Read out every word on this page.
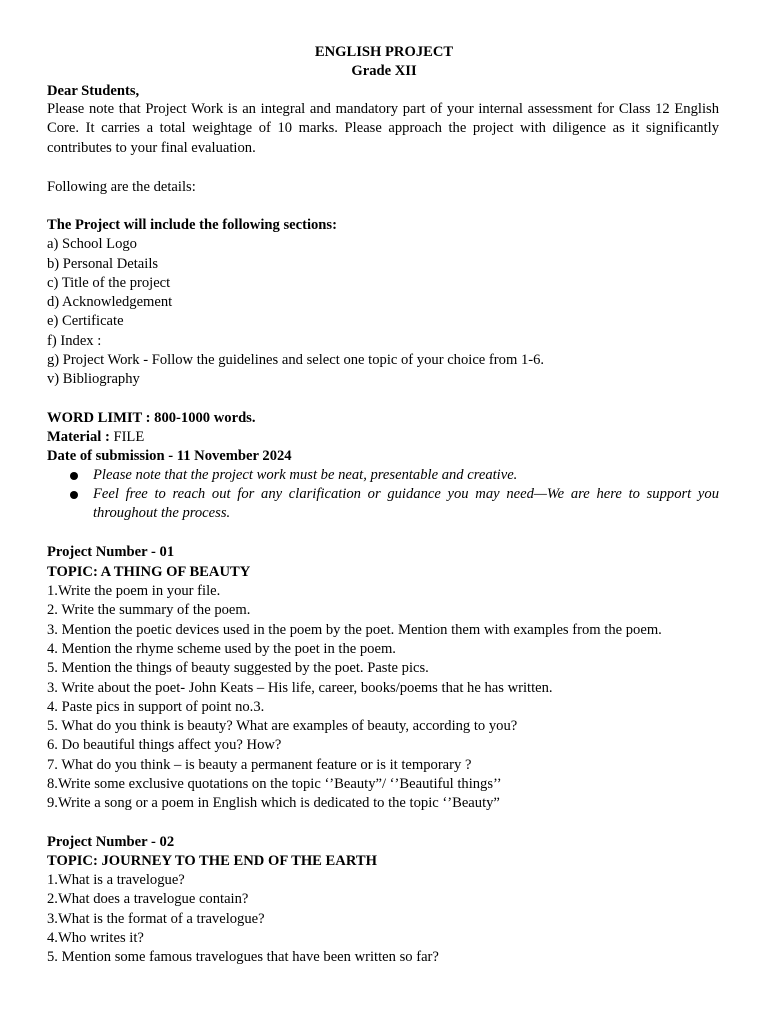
ENGLISH PROJECT
Grade XII
Dear Students,
Please note that Project Work is an integral and mandatory part of your internal assessment for Class 12 English Core. It carries a total weightage of 10 marks. Please approach the project with diligence as it significantly contributes to your final evaluation.
Following are the details:
The Project will include the following sections:
a) School Logo
b) Personal Details
c) Title of the project
d) Acknowledgement
e) Certificate
f) Index :
g) Project Work - Follow the guidelines and select one topic of your choice from 1-6.
v) Bibliography
WORD LIMIT : 800-1000 words.
Material : FILE
Date of submission - 11 November 2024
Please note that the project work must be neat, presentable and creative.
Feel free to reach out for any clarification or guidance you may need—We are here to support you throughout the process.
Project Number - 01
TOPIC: A THING OF BEAUTY
1.Write the poem in your file.
2. Write the summary of the poem.
3. Mention the poetic devices used in the poem by the poet. Mention them with examples from the poem.
4. Mention the rhyme scheme used by the poet in the poem.
5. Mention the things of beauty suggested by the poet. Paste pics.
3. Write about the poet- John Keats – His life, career, books/poems that he has written.
4. Paste pics in support of point no.3.
5. What do you think is beauty? What are examples of beauty, according to you?
6. Do beautiful things affect you? How?
7. What do you think – is beauty a permanent feature or is it temporary ?
8.Write some exclusive quotations on the topic ‘’Beauty”/ ‘’Beautiful things’’
9.Write a song or a poem in English which is dedicated to the topic ‘’Beauty”
Project Number - 02
TOPIC: JOURNEY TO THE END OF THE EARTH
1.What is a travelogue?
2.What does a travelogue contain?
3.What is the format of a travelogue?
4.Who writes it?
5. Mention some famous travelogues that have been written so far?
